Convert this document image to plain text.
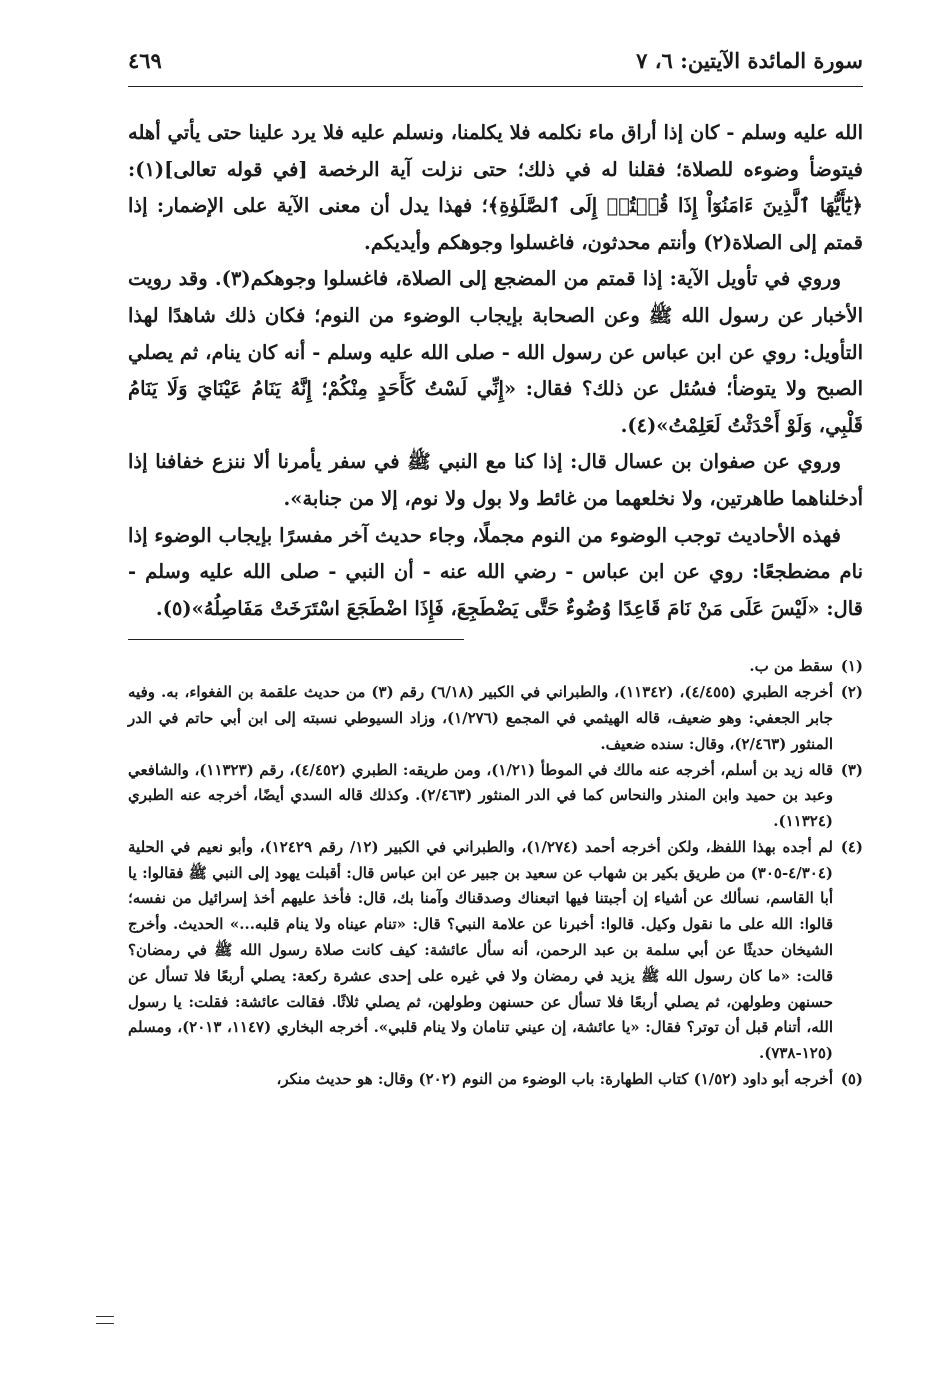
سورة المائدة الآيتين: ٦، ٧
٤٦٩

الله عليه وسلم - كان إذا أراق ماء نكلمه فلا يكلمنا، ونسلم عليه فلا يرد علينا حتى يأتي أهله فيتوضأ وضوءه للصلاة؛ فقلنا له في ذلك؛ حتى نزلت آية الرخصة [في قوله تعالى](١): ﴿يَٰٓأَيُّهَا ٱلَّذِينَ ءَامَنُوٓاْ إِذَا قُمۡتُمۡ إِلَى ٱلصَّلَوٰةِ﴾؛ فهذا يدل أن معنى الآية على الإضمار: إذا قمتم إلى الصلاة(٢) وأنتم محدثون، فاغسلوا وجوهكم وأيديكم.

وروي في تأويل الآية: إذا قمتم من المضجع إلى الصلاة، فاغسلوا وجوهكم(٣). وقد رويت الأخبار عن رسول الله ﷺ وعن الصحابة بإيجاب الوضوء من النوم؛ فكان ذلك شاهدًا لهذا التأويل: روي عن ابن عباس عن رسول الله - صلى الله عليه وسلم - أنه كان ينام، ثم يصلي الصبح ولا يتوضأ؛ فسُئل عن ذلك؟ فقال: «إِنِّي لَسْتُ كَأَحَدٍ مِنْكُمْ؛ إِنَّهُ يَنَامُ عَيْنَايَ وَلَا يَنَامُ قَلْبِي، وَلَوْ أَحْدَثْتُ لَعَلِمْتُ»(٤).

وروي عن صفوان بن عسال قال: إذا كنا مع النبي ﷺ في سفر يأمرنا ألا ننزع خفافنا إذا أدخلناهما طاهرتين، ولا نخلعهما من غائط ولا بول ولا نوم، إلا من جنابة».

فهذه الأحاديث توجب الوضوء من النوم مجملًا، وجاء حديث آخر مفسرًا بإيجاب الوضوء إذا نام مضطجعًا: روي عن ابن عباس - رضي الله عنه - أن النبي - صلى الله عليه وسلم - قال: «لَيْسَ عَلَى مَنْ نَامَ قَاعِدًا وُضُوءٌ حَتَّى يَضْطَجِعَ، فَإِذَا اضْطَجَعَ اسْتَرَخَتْ مَفَاصِلُهُ»(٥).

(١)
سقط من ب.
(٢)
أخرجه الطبري (٤/٤٥٥)، (١١٣٤٢)، والطبراني في الكبير (٦/١٨) رقم (٣) من حديث علقمة بن الفغواء، به. وفيه جابر الجعفي: وهو ضعيف، قاله الهيثمي في المجمع (١/٢٧٦)، وزاد السيوطي نسبته إلى ابن أبي حاتم في الدر المنثور (٢/٤٦٣)، وقال: سنده ضعيف.
(٣)
قاله زيد بن أسلم، أخرجه عنه مالك في الموطأ (١/٢١)، ومن طريقه: الطبري (٤/٤٥٢)، رقم (١١٣٢٣)، والشافعي وعبد بن حميد وابن المنذر والنحاس كما في الدر المنثور (٢/٤٦٣). وكذلك قاله السدي أيضًا، أخرجه عنه الطبري (١١٣٢٤).
(٤)
لم أجده بهذا اللفظ، ولكن أخرجه أحمد (١/٢٧٤)، والطبراني في الكبير (١٢/ رقم ١٢٤٢٩)، وأبو نعيم في الحلية (٤/٣٠٤-٣٠٥) من طريق بكير بن شهاب عن سعيد بن جبير عن ابن عباس قال: أقبلت يهود إلى النبي ﷺ فقالوا: يا أبا القاسم، نسألك عن أشياء إن أجبتنا فيها اتبعناك وصدقناك وآمنا بك، قال: فأخذ عليهم أخذ إسرائيل من نفسه؛ قالوا: الله على ما نقول وكيل. قالوا: أخبرنا عن علامة النبي؟ قال: «تنام عيناه ولا ينام قلبه...» الحديث. وأخرج الشيخان حديثًا عن أبي سلمة بن عبد الرحمن، أنه سأل عائشة: كيف كانت صلاة رسول الله ﷺ في رمضان؟ قالت: «ما كان رسول الله ﷺ يزيد في رمضان ولا في غيره على إحدى عشرة ركعة: يصلي أربعًا فلا تسأل عن حسنهن وطولهن، ثم يصلي أربعًا فلا تسأل عن حسنهن وطولهن، ثم يصلي ثلاثًا. فقالت عائشة: فقلت: يا رسول الله، أتنام قبل أن توتر؟ فقال: «يا عائشة، إن عيني تنامان ولا ينام قلبي». أخرجه البخاري (١١٤٧، ٢٠١٣)، ومسلم (١٢٥-٧٣٨).
(٥)
أخرجه أبو داود (١/٥٢) كتاب الطهارة: باب الوضوء من النوم (٢٠٢) وقال: هو حديث منكر،
